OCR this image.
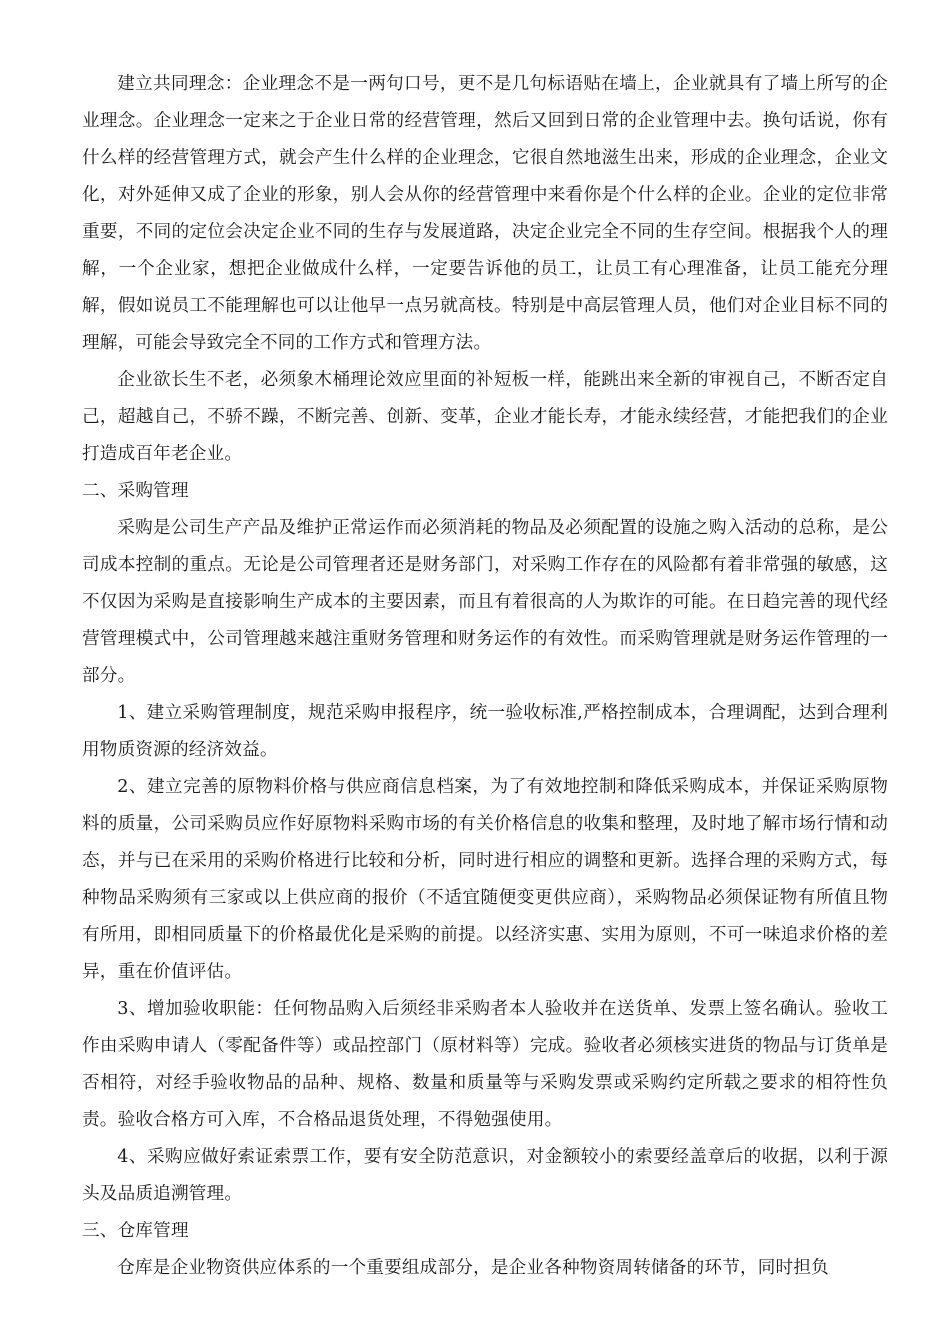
建立共同理念：企业理念不是一两句口号，更不是几句标语贴在墙上，企业就具有了墙上所写的企业理念。企业理念一定来之于企业日常的经营管理，然后又回到日常的企业管理中去。换句话说，你有什么样的经营管理方式，就会产生什么样的企业理念，它很自然地滋生出来，形成的企业理念，企业文化，对外延伸又成了企业的形象，别人会从你的经营管理中来看你是个什么样的企业。企业的定位非常重要，不同的定位会决定企业不同的生存与发展道路，决定企业完全不同的生存空间。根据我个人的理解，一个企业家，想把企业做成什么样，一定要告诉他的员工，让员工有心理准备，让员工能充分理解，假如说员工不能理解也可以让他早一点另就高枝。特别是中高层管理人员，他们对企业目标不同的理解，可能会导致完全不同的工作方式和管理方法。

企业欲长生不老，必须象木桶理论效应里面的补短板一样，能跳出来全新的审视自己，不断否定自己，超越自己，不骄不躁，不断完善、创新、变革，企业才能长寿，才能永续经营，才能把我们的企业打造成百年老企业。

二、采购管理

采购是公司生产产品及维护正常运作而必须消耗的物品及必须配置的设施之购入活动的总称，是公司成本控制的重点。无论是公司管理者还是财务部门，对采购工作存在的风险都有着非常强的敏感，这不仅因为采购是直接影响生产成本的主要因素，而且有着很高的人为欺诈的可能。在日趋完善的现代经营管理模式中，公司管理越来越注重财务管理和财务运作的有效性。而采购管理就是财务运作管理的一部分。

1、建立采购管理制度，规范采购申报程序，统一验收标准,严格控制成本，合理调配，达到合理利用物质资源的经济效益。

2、建立完善的原物料价格与供应商信息档案，为了有效地控制和降低采购成本，并保证采购原物料的质量，公司采购员应作好原物料采购市场的有关价格信息的收集和整理，及时地了解市场行情和动态，并与已在采用的采购价格进行比较和分析，同时进行相应的调整和更新。选择合理的采购方式，每种物品采购须有三家或以上供应商的报价（不适宜随便变更供应商），采购物品必须保证物有所值且物有所用，即相同质量下的价格最优化是采购的前提。以经济实惠、实用为原则，不可一味追求价格的差异，重在价值评估。

3、增加验收职能：任何物品购入后须经非采购者本人验收并在送货单、发票上签名确认。验收工作由采购申请人（零配备件等）或品控部门（原材料等）完成。验收者必须核实进货的物品与订货单是否相符，对经手验收物品的品种、规格、数量和质量等与采购发票或采购约定所载之要求的相符性负责。验收合格方可入库，不合格品退货处理，不得勉强使用。

4、采购应做好索证索票工作，要有安全防范意识，对金额较小的索要经盖章后的收据，以利于源头及品质追溯管理。

三、仓库管理

仓库是企业物资供应体系的一个重要组成部分，是企业各种物资周转储备的环节，同时担负
